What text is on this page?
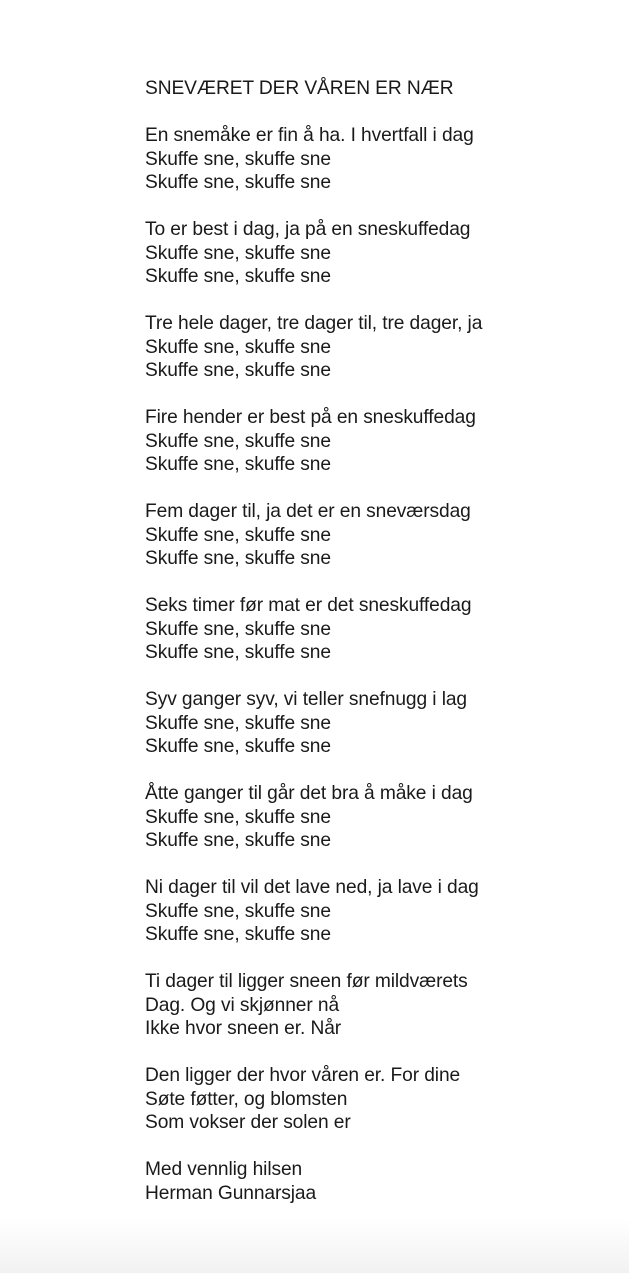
SNEVÆRET DER VÅREN ER NÆR
En snemåke er fin å ha. I hvertfall i dag
Skuffe sne, skuffe sne
Skuffe sne, skuffe sne
To er best i dag, ja på en sneskuffedag
Skuffe sne, skuffe sne
Skuffe sne, skuffe sne
Tre hele dager, tre dager til, tre dager, ja
Skuffe sne, skuffe sne
Skuffe sne, skuffe sne
Fire hender er best på en sneskuffedag
Skuffe sne, skuffe sne
Skuffe sne, skuffe sne
Fem dager til, ja det er en sneværsdag
Skuffe sne, skuffe sne
Skuffe sne, skuffe sne
Seks timer før mat er det sneskuffedag
Skuffe sne, skuffe sne
Skuffe sne, skuffe sne
Syv ganger syv, vi teller snefnugg i lag
Skuffe sne, skuffe sne
Skuffe sne, skuffe sne
Åtte ganger til går det bra å måke i dag
Skuffe sne, skuffe sne
Skuffe sne, skuffe sne
Ni dager til vil det lave ned, ja lave i dag
Skuffe sne, skuffe sne
Skuffe sne, skuffe sne
Ti dager til ligger sneen før mildværets
Dag. Og vi skjønner nå
Ikke hvor sneen er. Når
Den ligger der hvor våren er. For dine
Søte føtter, og blomsten
Som vokser der solen er
Med vennlig hilsen
Herman Gunnarsjaa
